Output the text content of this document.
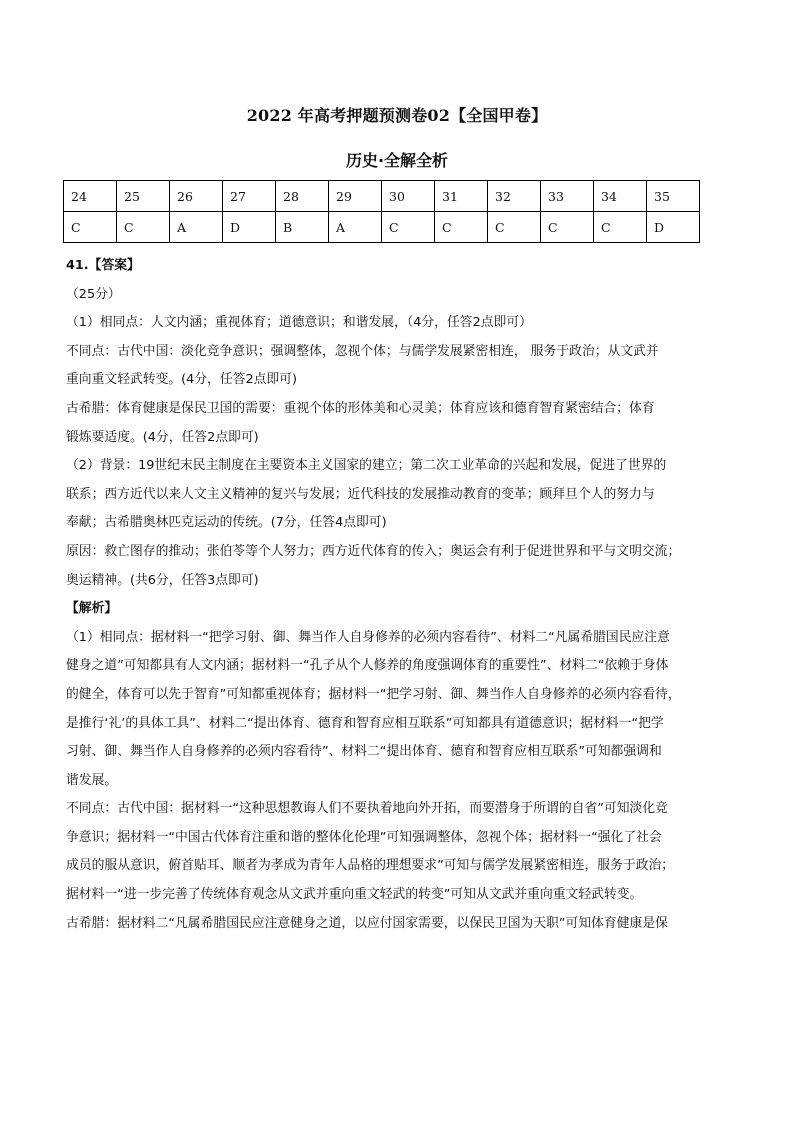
2022 年高考押题预测卷02【全国甲卷】
历史·全解全析
24	25	26	27	28	29	30	31	32	33	34	35
C	C	A	D	B	A	C	C	C	C	C	D

41.【答案】

（25分）

（1）相同点：人文内涵；重视体育；道德意识；和谐发展，（4分，任答2点即可）

不同点：古代中国：淡化竞争意识；强调整体，忽视个体；与儒学发展紧密相连， 服务于政治；从文武并

重向重文轻武转变。(4分，任答2点即可)

古希腊：体育健康是保民卫国的需要：重视个体的形体美和心灵美；体育应该和德育智育紧密结合；体育

锻炼要适度。(4分，任答2点即可)

（2）背景：19世纪末民主制度在主要资本主义国家的建立；第二次工业革命的兴起和发展，促进了世界的

联系；西方近代以来人文主义精神的复兴与发展；近代科技的发展推动教育的变革；顾拜旦个人的努力与

奉献；古希腊奥林匹克运动的传统。(7分，任答4点即可)

原因：救亡图存的推动；张伯苓等个人努力；西方近代体育的传入；奥运会有利于促进世界和平与文明交流；

奥运精神。(共6分，任答3点即可)

【解析】

（1）相同点：据材料一“把学习射、御、舞当作人自身修养的必须内容看待”、材料二“凡属希腊国民应注意

健身之道”可知都具有人文内涵；据材料一“孔子从个人修养的角度强调体育的重要性”、材料二“依赖于身体

的健全，体育可以先于智育”可知都重视体育；据材料一“把学习射、御、舞当作人自身修养的必须内容看待，

是推行‘礼’的具体工具”、材料二“提出体育、德育和智育应相互联系”可知都具有道德意识；据材料一“把学

习射、御、舞当作人自身修养的必须内容看待”、材料二“提出体育、德育和智育应相互联系”可知都强调和

谐发展。

不同点：古代中国：据材料一“这种思想教诲人们不要执着地向外开拓，而要潜身于所谓的自省”可知淡化竞

争意识；据材料一“中国古代体育注重和谐的整体化伦理”可知强调整体，忽视个体；据材料一“强化了社会

成员的服从意识，俯首贴耳、顺者为孝成为青年人品格的理想要求”可知与儒学发展紧密相连，服务于政治；

据材料一“进一步完善了传统体育观念从文武并重向重文轻武的转变”可知从文武并重向重文轻武转变。

古希腊：据材料二“凡属希腊国民应注意健身之道，以应付国家需要，以保民卫国为天职”可知体育健康是保
